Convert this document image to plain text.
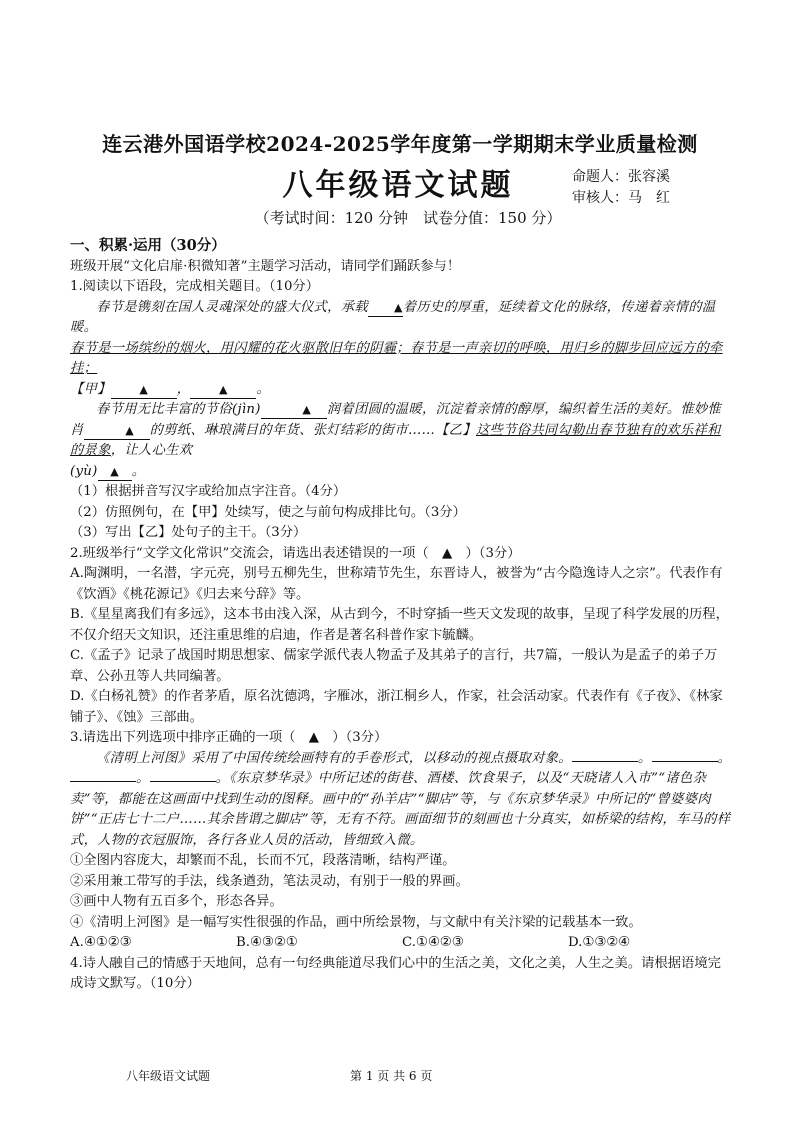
连云港外国语学校2024-2025学年度第一学期期末学业质量检测
八年级语文试题	命题人：张容溪
审核人：马　红
（考试时间：120 分钟　试卷分值：150 分）

一、积累·运用（30分）

班级开展“文化启扉·积微知著”主题学习活动，请同学们踊跃参与！

1.阅读以下语段，完成相关题目。（10分）

春节是镌刻在国人灵魂深处的盛大仪式，承载 ▲着历史的厚重，延续着文化的脉络，传递着亲情的温暖。

春节是一场缤纷的烟火，用闪耀的花火驱散旧年的阴霾；春节是一声亲切的呼唤，用归乡的脚步回应远方的牵挂；

【甲】	▲ ，	▲ 。

春节用无比丰富的节俗(jìn)	▲ 润着团圆的温暖，沉淀着亲情的醇厚，编织着生活的美好。惟妙惟肖	▲ 的剪纸、琳琅满目的年货、张灯结彩的街市……【乙】这些节俗共同勾勒出春节独有的欢乐祥和的景象，让人心生欢

(yù) ▲ 。

（1）根据拼音写汉字或给加点字注音。（4分）

（2）仿照例句，在【甲】处续写，使之与前句构成排比句。（3分）

（3）写出【乙】处句子的主干。（3分）

2.班级举行“文学文化常识”交流会，请选出表述错误的一项（　▲　）（3分）

A.陶渊明，一名潜，字元亮，别号五柳先生，世称靖节先生，东晋诗人，被誉为“古今隐逸诗人之宗”。代表作有《饮酒》《桃花源记》《归去来兮辞》等。

B.《星星离我们有多远》，这本书由浅入深，从古到今，不时穿插一些天文发现的故事，呈现了科学发展的历程，不仅介绍天文知识，还注重思维的启迪，作者是著名科普作家卞毓麟。

C.《孟子》记录了战国时期思想家、儒家学派代表人物孟子及其弟子的言行，共7篇，一般认为是孟子的弟子万章、公孙丑等人共同编著。

D.《白杨礼赞》的作者茅盾，原名沈德鸿，字雁冰，浙江桐乡人，作家，社会活动家。代表作有《子夜》、《林家铺子》、《蚀》三部曲。

3.请选出下列选项中排序正确的一项（　▲　）（3分）

《清明上河图》采用了中国传统绘画特有的手卷形式，以移动的视点摄取对象。	。	。。	。《东京梦华录》中所记述的街巷、酒楼、饮食果子，以及“天晓诸人入市”“诸色杂卖”等，都能在这画面中找到生动的图释。画中的“孙羊店”“脚店”等，与《东京梦华录》中所记的“曾婆婆肉饼”“正店七十二户……其余皆谓之脚店”等，无有不符。画面细节的刻画也十分真实，如桥梁的结构，车马的样式，人物的衣冠服饰，各行各业人员的活动，皆细致入微。

①全图内容庞大，却繁而不乱，长而不冗，段落清晰，结构严谨。

②采用兼工带写的手法，线条遒劲，笔法灵动，有别于一般的界画。

③画中人物有五百多个，形态各异。

④《清明上河图》是一幅写实性很强的作品，画中所绘景物，与文献中有关汴梁的记载基本一致。

A.④①②③	B.④③②①	C.①④②③	D.①③②④

4.诗人融自己的情感于天地间，总有一句经典能道尽我们心中的生活之美，文化之美，人生之美。请根据语境完成诗文默写。（10分）

八年级语文试题	第 1 页 共 6 页
